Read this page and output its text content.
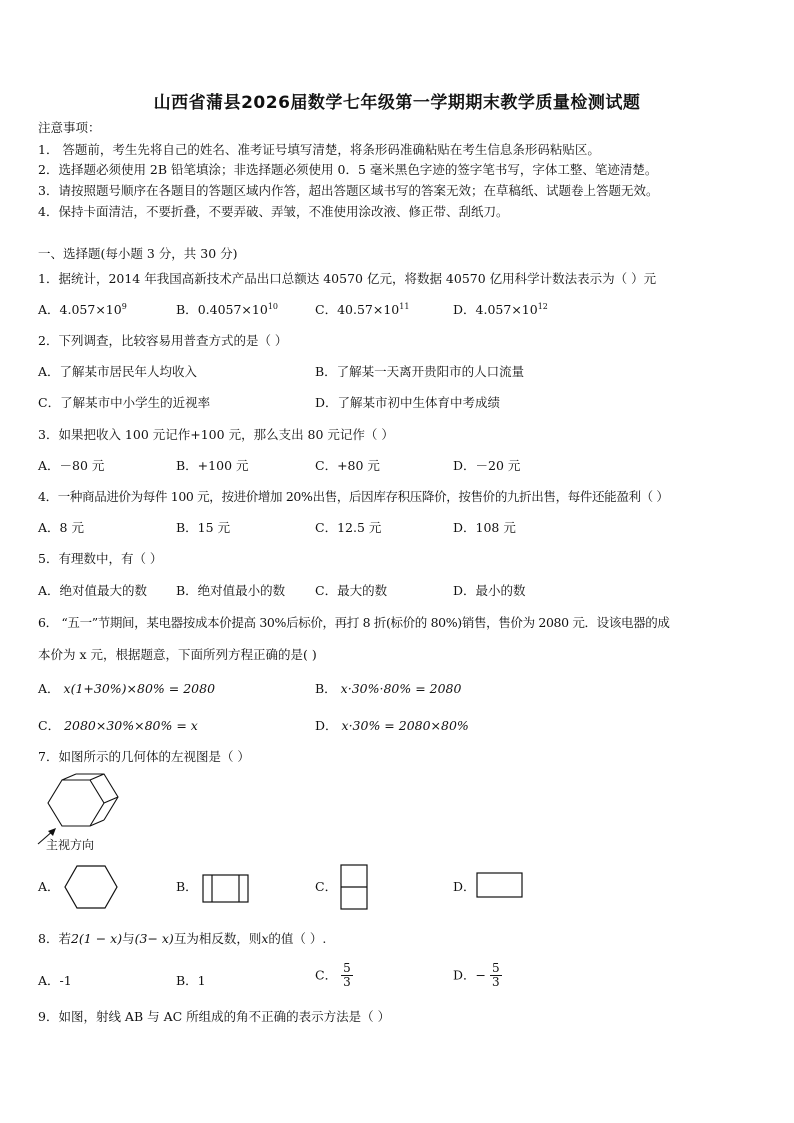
山西省蒲县2026届数学七年级第一学期期末教学质量检测试题
注意事项：
1． 答题前，考生先将自己的姓名、准考证号填写清楚，将条形码准确粘贴在考生信息条形码粘贴区。
2．选择题必须使用 2B 铅笔填涂；非选择题必须使用 0．5 毫米黑色字迹的签字笔书写，字体工整、笔迹清楚。
3．请按照题号顺序在各题目的答题区域内作答，超出答题区域书写的答案无效；在草稿纸、试题卷上答题无效。
4．保持卡面清洁，不要折叠，不要弄破、弄皱，不准使用涂改液、修正带、刮纸刀。
一、选择题(每小题 3 分，共 30 分)
1．据统计，2014 年我国高新技术产品出口总额达 40570 亿元，将数据 40570 亿用科学计数法表示为（ ）元
A．$4.057\times 10^9$	B．$0.4057\times 10^{10}$	C．$40.57\times 10^{11}$	D．$4.057\times 10^{12}$
2．下列调查，比较容易用普查方式的是（ ）
A．了解某市居民年人均收入	B．了解某一天离开贵阳市的人口流量
C．了解某市中小学生的近视率	D．了解某市初中生体育中考成绩
3．如果把收入 100 元记作+100 元，那么支出 80 元记作（ ）
A．－80 元	B．+100 元	C．+80 元	D．－20 元
4．一种商品进价为每件 100 元，按进价增加 20%出售，后因库存积压降价，按售价的九折出售，每件还能盈利（ ）
A．8 元	B．15 元	C．12.5 元	D．108 元
5．有理数中，有（ ）
A．绝对值最大的数 B．绝对值最小的数 C．最大的数	D．最小的数
6． “五一”节期间，某电器按成本价提高 30%后标价，再打 8 折(标价的 80%)销售，售价为 2080 元．设该电器的成
本价为 x 元，根据题意，下面所列方程正确的是( )
A． x(1+30%)×80% = 2080	B． x·30%·80% = 2080
C． 2080×30%×80% = x	D． x·30% = 2080×80%
7．如图所示的几何体的左视图是（ ）
主视方向
A．	B．	C．	D．
8．若2(1 − x)与(3− x)互为相反数，则x的值（ ）.
A．-1	B．1	C． $\frac{5}{3}$	D．− $\frac{5}{3}$
9．如图，射线 AB 与 AC 所组成的角不正确的表示方法是（ ）
